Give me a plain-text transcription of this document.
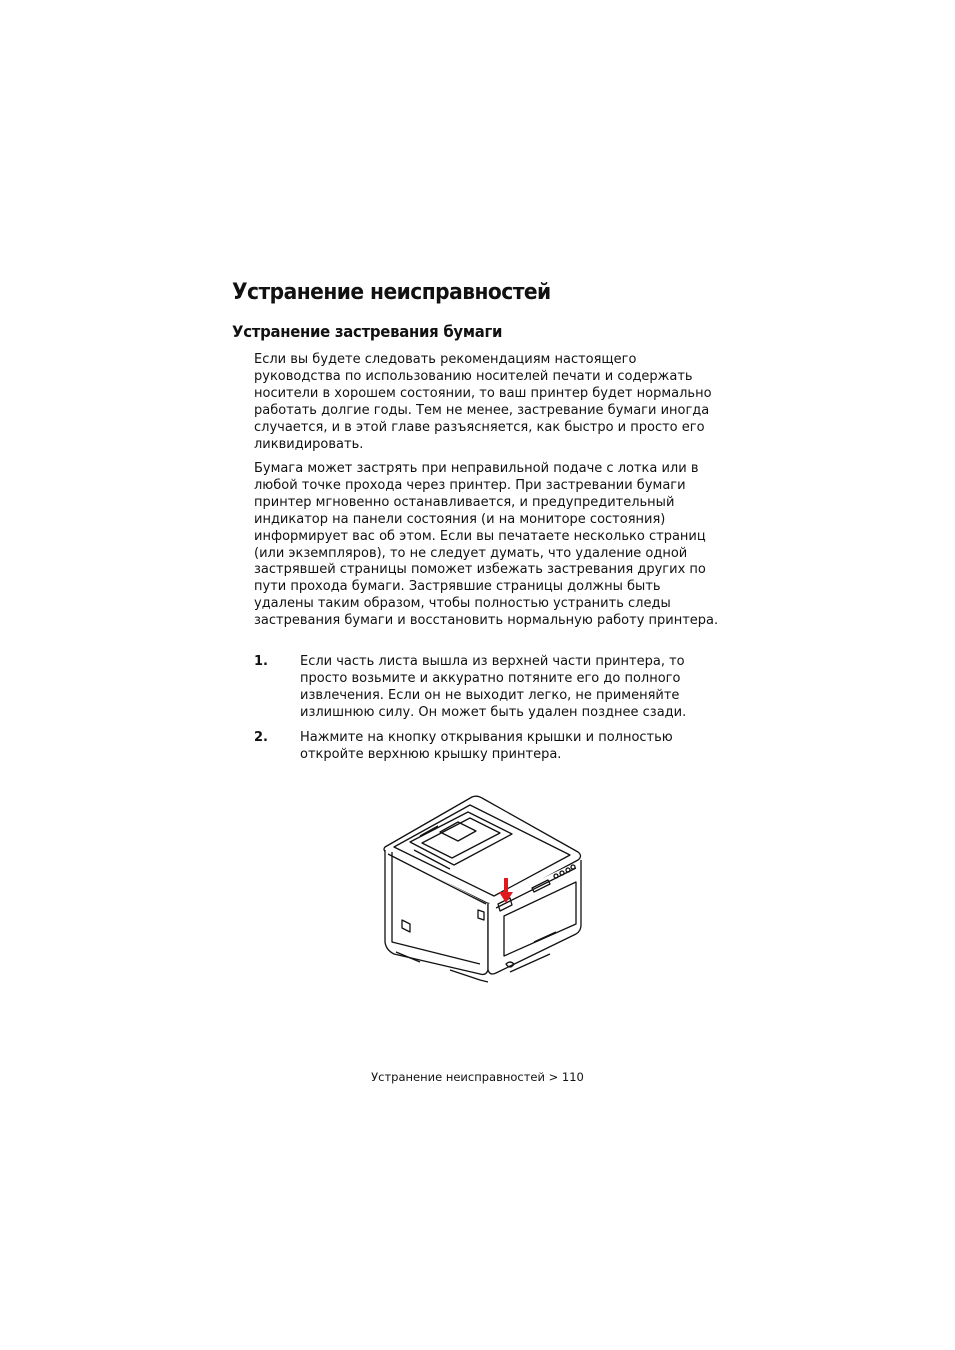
Устранение неисправностей
Устранение застревания бумаги

Если вы будете следовать рекомендациям настоящего руководства по использованию носителей печати и содержать носители в хорошем состоянии, то ваш принтер будет нормально работать долгие годы. Тем не менее, застревание бумаги иногда случается, и в этой главе разъясняется, как быстро и просто его ликвидировать.

Бумага может застрять при неправильной подаче с лотка или в любой точке прохода через принтер. При застревании бумаги принтер мгновенно останавливается, и предупредительный индикатор на панели состояния (и на мониторе состояния) информирует вас об этом. Если вы печатаете несколько страниц (или экземпляров), то не следует думать, что удаление одной застрявшей страницы поможет избежать застревания других по пути прохода бумаги. Застрявшие страницы должны быть удалены таким образом, чтобы полностью устранить следы застревания бумаги и восстановить нормальную работу принтера.

1. Если часть листа вышла из верхней части принтера, то просто возьмите и аккуратно потяните его до полного извлечения. Если он не выходит легко, не применяйте излишнюю силу. Он может быть удален позднее сзади.
2. Нажмите на кнопку открывания крышки и полностью откройте верхнюю крышку принтера.
Устранение неисправностей > 110
